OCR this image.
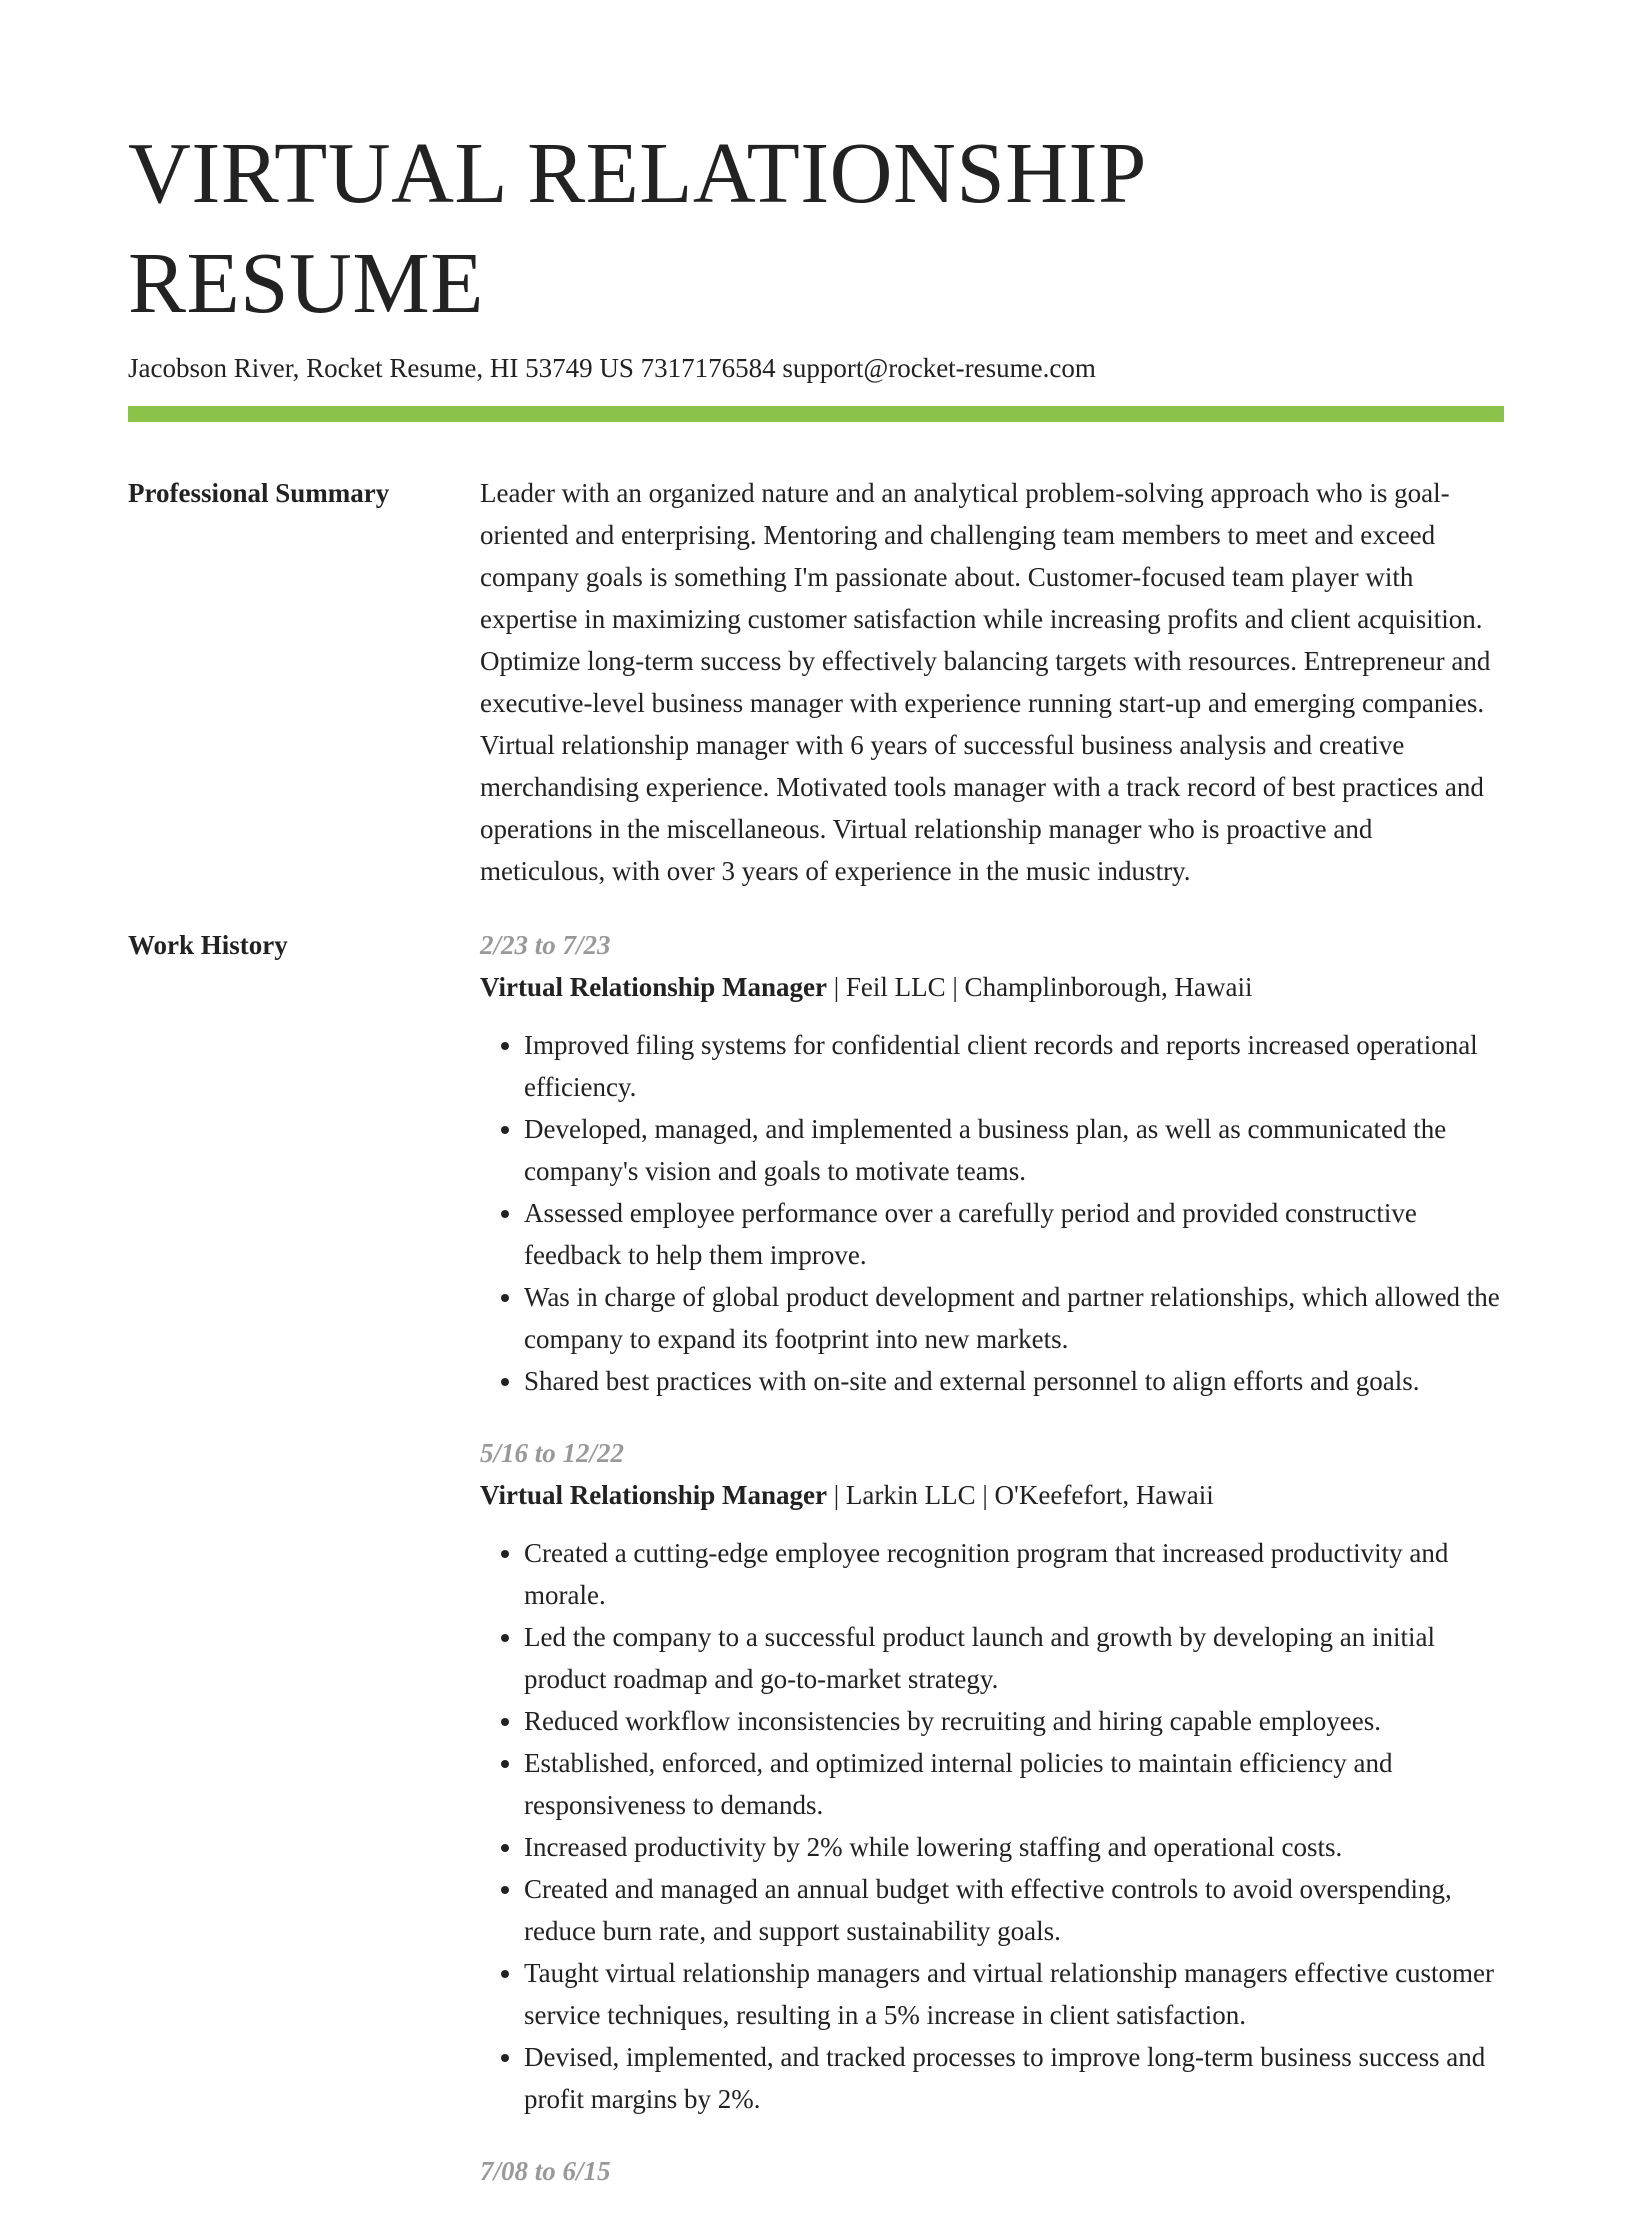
VIRTUAL RELATIONSHIP RESUME
Jacobson River, Rocket Resume, HI 53749 US 7317176584 support@rocket-resume.com
Professional Summary	Leader with an organized nature and an analytical problem-solving approach who is goal-oriented and enterprising. Mentoring and challenging team members to meet and exceed company goals is something I'm passionate about. Customer-focused team player with expertise in maximizing customer satisfaction while increasing profits and client acquisition. Optimize long-term success by effectively balancing targets with resources. Entrepreneur and executive-level business manager with experience running start-up and emerging companies. Virtual relationship manager with 6 years of successful business analysis and creative merchandising experience. Motivated tools manager with a track record of best practices and operations in the miscellaneous. Virtual relationship manager who is proactive and meticulous, with over 3 years of experience in the music industry.

Work History	2/23 to 7/23
Virtual Relationship Manager | Feil LLC | Champlinborough, Hawaii
• Improved filing systems for confidential client records and reports increased operational efficiency.
• Developed, managed, and implemented a business plan, as well as communicated the company's vision and goals to motivate teams.
• Assessed employee performance over a carefully period and provided constructive feedback to help them improve.
• Was in charge of global product development and partner relationships, which allowed the company to expand its footprint into new markets.
• Shared best practices with on-site and external personnel to align efforts and goals.
5/16 to 12/22
Virtual Relationship Manager | Larkin LLC | O'Keefefort, Hawaii
• Created a cutting-edge employee recognition program that increased productivity and morale.
• Led the company to a successful product launch and growth by developing an initial product roadmap and go-to-market strategy.
• Reduced workflow inconsistencies by recruiting and hiring capable employees.
• Established, enforced, and optimized internal policies to maintain efficiency and responsiveness to demands.
• Increased productivity by 2% while lowering staffing and operational costs.
• Created and managed an annual budget with effective controls to avoid overspending, reduce burn rate, and support sustainability goals.
• Taught virtual relationship managers and virtual relationship managers effective customer service techniques, resulting in a 5% increase in client satisfaction.
• Devised, implemented, and tracked processes to improve long-term business success and profit margins by 2%.
7/08 to 6/15
